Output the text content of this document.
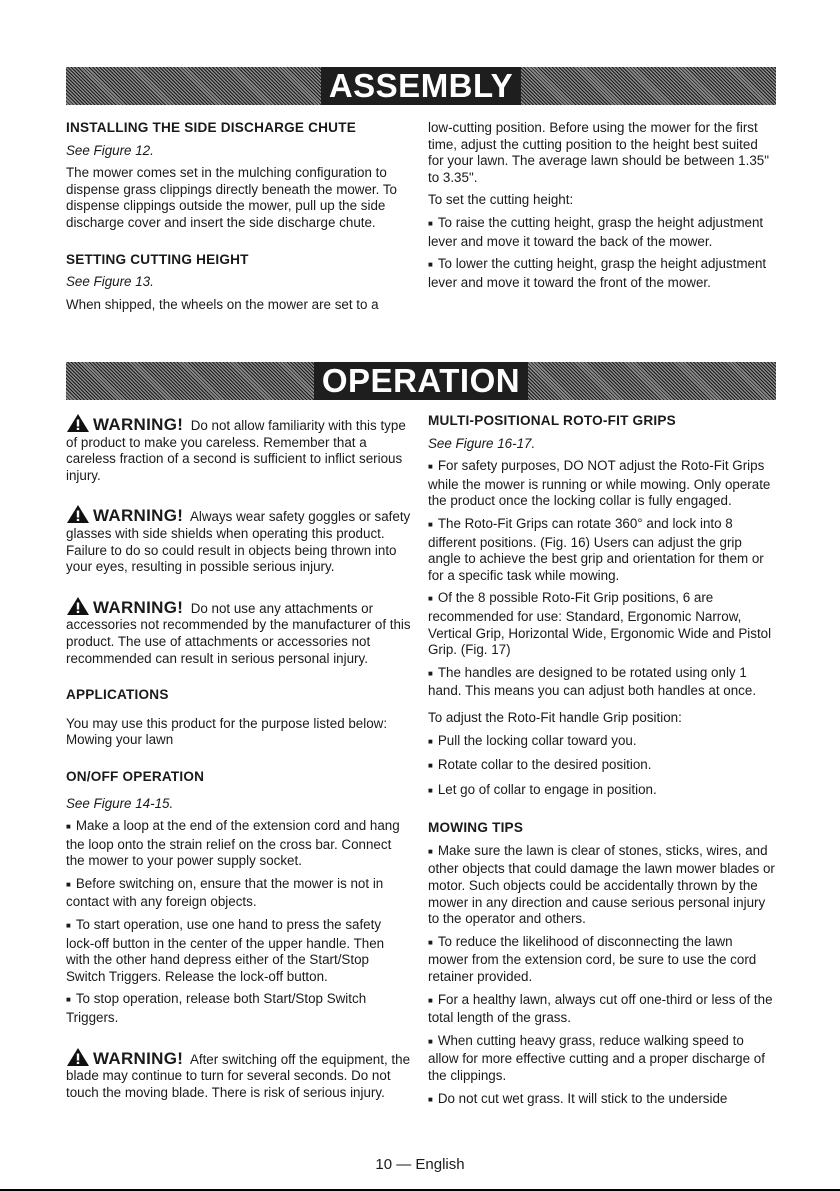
ASSEMBLY

INSTALLING THE SIDE DISCHARGE CHUTE

See Figure 12.

The mower comes set in the mulching configuration to dispense grass clippings directly beneath the mower. To dispense clippings outside the mower, pull up the side discharge cover and insert the side discharge chute.

SETTING CUTTING HEIGHT

See Figure 13.

When shipped, the wheels on the mower are set to a

low-cutting position. Before using the mower for the first time, adjust the cutting position to the height best suited for your lawn. The average lawn should be between 1.35" to 3.35".

To set the cutting height:

■ To raise the cutting height, grasp the height adjustment lever and move it toward the back of the mower.

■ To lower the cutting height, grasp the height adjustment lever and move it toward the front of the mower.

OPERATION

WARNING! Do not allow familiarity with this type of product to make you careless. Remember that a careless fraction of a second is sufficient to inflict serious injury.

WARNING! Always wear safety goggles or safety glasses with side shields when operating this product. Failure to do so could result in objects being thrown into your eyes, resulting in possible serious injury.

WARNING! Do not use any attachments or accessories not recommended by the manufacturer of this product. The use of attachments or accessories not recommended can result in serious personal injury.

APPLICATIONS

You may use this product for the purpose listed below: Mowing your lawn

ON/OFF OPERATION

See Figure 14-15.

■ Make a loop at the end of the extension cord and hang the loop onto the strain relief on the cross bar. Connect the mower to your power supply socket.

■ Before switching on, ensure that the mower is not in contact with any foreign objects.

■ To start operation, use one hand to press the safety lock-off button in the center of the upper handle. Then with the other hand depress either of the Start/Stop Switch Triggers. Release the lock-off button.

■ To stop operation, release both Start/Stop Switch Triggers.

WARNING! After switching off the equipment, the blade may continue to turn for several seconds. Do not touch the moving blade. There is risk of serious injury.

MULTI-POSITIONAL ROTO-FIT GRIPS

See Figure 16-17.

■ For safety purposes, DO NOT adjust the Roto-Fit Grips while the mower is running or while mowing. Only operate the product once the locking collar is fully engaged.

■ The Roto-Fit Grips can rotate 360° and lock into 8 different positions. (Fig. 16) Users can adjust the grip angle to achieve the best grip and orientation for them or for a specific task while mowing.

■ Of the 8 possible Roto-Fit Grip positions, 6 are recommended for use: Standard, Ergonomic Narrow, Vertical Grip, Horizontal Wide, Ergonomic Wide and Pistol Grip. (Fig. 17)

■ The handles are designed to be rotated using only 1 hand. This means you can adjust both handles at once.

To adjust the Roto-Fit handle Grip position:

■ Pull the locking collar toward you.

■ Rotate collar to the desired position.

■ Let go of collar to engage in position.

MOWING TIPS

■ Make sure the lawn is clear of stones, sticks, wires, and other objects that could damage the lawn mower blades or motor. Such objects could be accidentally thrown by the mower in any direction and cause serious personal injury to the operator and others.

■ To reduce the likelihood of disconnecting the lawn mower from the extension cord, be sure to use the cord retainer provided.

■ For a healthy lawn, always cut off one-third or less of the total length of the grass.

■ When cutting heavy grass, reduce walking speed to allow for more effective cutting and a proper discharge of the clippings.

■ Do not cut wet grass. It will stick to the underside

10 — English
